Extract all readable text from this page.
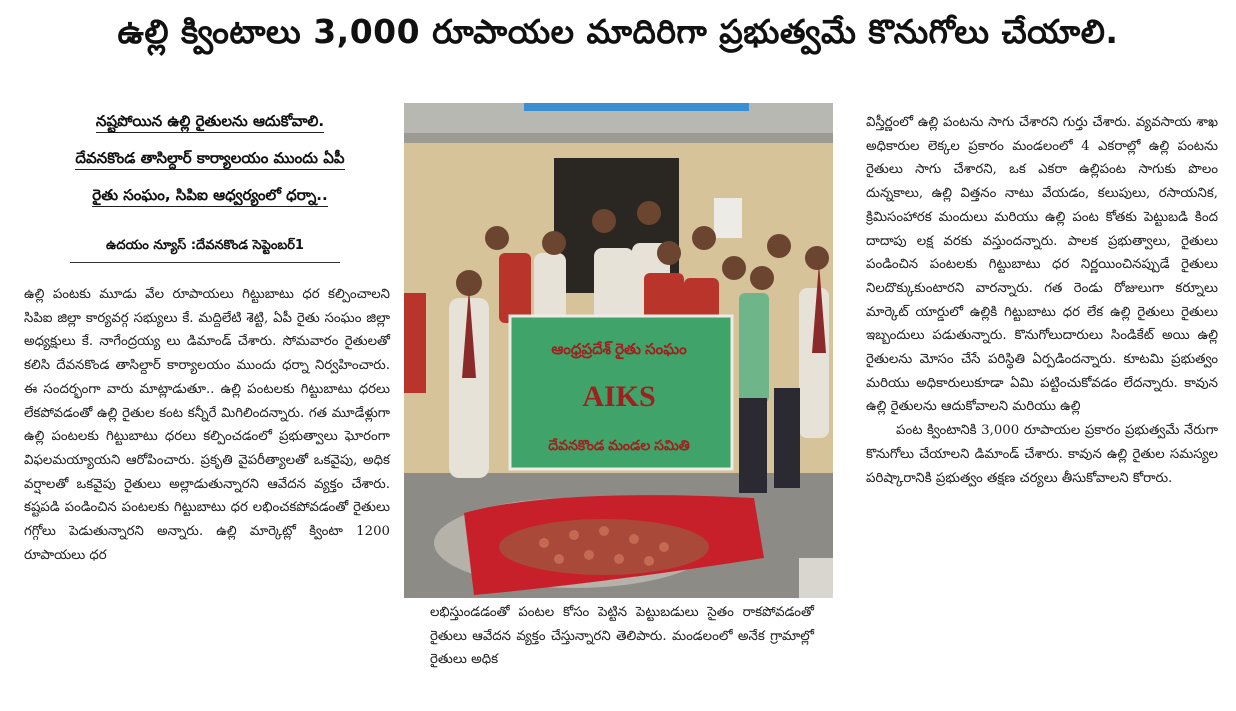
ఉల్లి క్వింటాలు 3,000 రూపాయల మాదిరిగా ప్రభుత్వమే కొనుగోలు చేయాలి.
నష్టపోయిన ఉల్లి రైతులను ఆదుకోవాలి.
దేవనకొండ తాసిల్దార్ కార్యాలయం ముందు ఏపీ
రైతు సంఘం, సిపిఐ ఆధ్వర్యంలో ధర్నా..
ఉదయం న్యూస్ :దేవనకొండ సెప్టెంబర్1

ఉల్లి పంటకు మూడు వేల రూపాయలు గిట్టుబాటు ధర కల్పించాలని సిపిఐ జిల్లా కార్యవర్గ సభ్యులు కే. మద్దిలేటి శెట్టి, ఏపీ రైతు సంఘం జిల్లా అధ్యక్షులు కే. నాగేంద్రయ్య లు డిమాండ్ చేశారు. సోమవారం రైతులతో కలిసి దేవనకొండ తాసిల్దార్ కార్యాలయం ముందు ధర్నా నిర్వహించారు. ఈ సందర్భంగా వారు మాట్లాడుతూ.. ఉల్లి పంటలకు గిట్టుబాటు ధరలు లేకపోవడంతో ఉల్లి రైతుల కంట కన్నీరే మిగిలిందన్నారు. గత మూడేళ్లుగా ఉల్లి పంటలకు గిట్టుబాటు ధరలు కల్పించడంలో ప్రభుత్వాలు ఘోరంగా విఫలమయ్యాయని ఆరోపించారు. ప్రకృతి వైపరీత్యాలతో ఒకవైపు, అధిక వర్షాలతో ఒకవైపు రైతులు అల్లాడుతున్నారని ఆవేదన వ్యక్తం చేశారు. కష్టపడి పండించిన పంటలకు గిట్టుబాటు ధర లభించకపోవడంతో రైతులు గగ్గోలు పెడుతున్నారని అన్నారు. ఉల్లి మార్కెట్లో క్వింటా 1200 రూపాయలు ధర

ఆంధ్రప్రదేశ్ రైతు సంఘం
AIKS
దేవనకొండ మండల సమితి

లభిస్తుండడంతో పంటల కోసం పెట్టిన పెట్టుబడులు సైతం రాకపోవడంతో రైతులు ఆవేదన వ్యక్తం చేస్తున్నారని తెలిపారు. మండలంలో అనేక గ్రామాల్లో రైతులు అధిక

విస్తీర్ణంలో ఉల్లి పంటను సాగు చేశారని గుర్తు చేశారు. వ్యవసాయ శాఖ అధికారుల లెక్కల ప్రకారం మండలంలో 4 ఎకరాల్లో ఉల్లి పంటను రైతులు సాగు చేశారని, ఒక ఎకరా ఉల్లిపంట సాగుకు పొలం దున్నకాలు, ఉల్లి విత్తనం నాటు వేయడం, కలుపులు, రసాయనిక, క్రిమిసంహారక మందులు మరియు ఉల్లి పంట కోతకు పెట్టుబడి కింద దాదాపు లక్ష వరకు వస్తుందన్నారు. పాలక ప్రభుత్వాలు, రైతులు పండించిన పంటలకు గిట్టుబాటు ధర నిర్ణయించినప్పుడే రైతులు నిలదొక్కుకుంటారని వారన్నారు. గత రెండు రోజులుగా కర్నూలు మార్కెట్ యార్డులో ఉల్లికి గిట్టుబాటు ధర లేక ఉల్లి రైతులు రైతులు ఇబ్బందులు పడుతున్నారు. కొనుగోలుదారులు సిండికేట్ అయి ఉల్లి రైతులను మోసం చేసే పరిస్థితి ఏర్పడిందన్నారు. కూటమి ప్రభుత్వం మరియు అధికారులుకూడా ఏమి పట్టించుకోవడం లేదన్నారు. కావున ఉల్లి రైతులను ఆదుకోవాలని మరియు ఉల్లి

పంట క్వింటానికి 3,000 రూపాయల ప్రకారం ప్రభుత్వమే నేరుగా కొనుగోలు చేయాలని డిమాండ్ చేశారు. కావున ఉల్లి రైతుల సమస్యల పరిష్కారానికి ప్రభుత్వం తక్షణ చర్యలు తీసుకోవాలని కోరారు.
